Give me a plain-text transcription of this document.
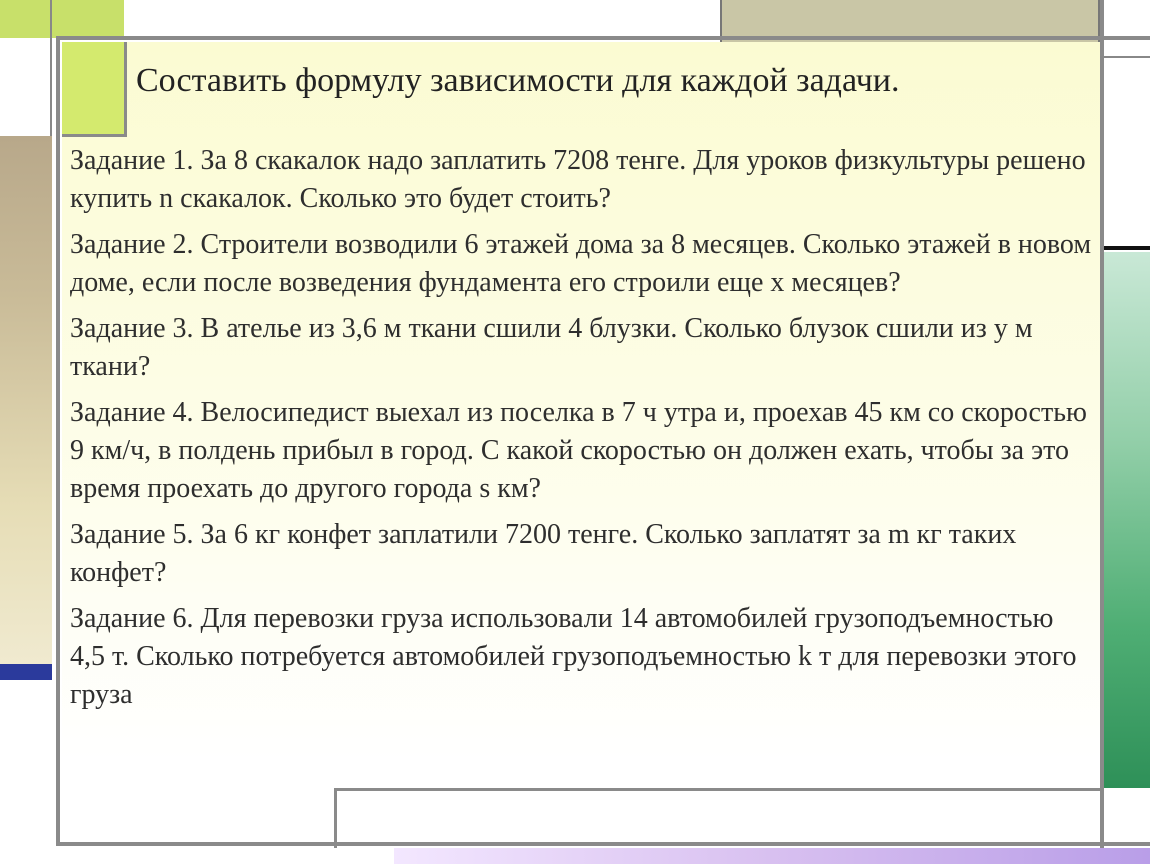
Составить формулу зависимости для каждой задачи.

Задание 1. За 8 скакалок надо заплатить 7208 тенге. Для уроков физкультуры решено купить n скакалок. Сколько это будет стоить?

Задание 2. Строители возводили 6 этажей дома за 8 месяцев. Сколько этажей в новом доме, если после возведения фундамента его строили еще x месяцев?

Задание 3. В ателье из 3,6 м ткани сшили 4 блузки. Сколько блузок сшили из y м ткани?

Задание 4. Велосипедист выехал из поселка в 7 ч утра и, проехав 45 км со скоростью 9 км/ч, в полдень прибыл в город. С какой скоростью он должен ехать, чтобы за это время проехать до другого города s км?

Задание 5. За 6 кг конфет заплатили 7200 тенге. Сколько заплатят за m кг таких конфет?

Задание 6. Для перевозки груза использовали 14 автомобилей грузоподъемностью 4,5 т. Сколько потребуется автомобилей грузоподъемностью k т для перевозки этого груза
